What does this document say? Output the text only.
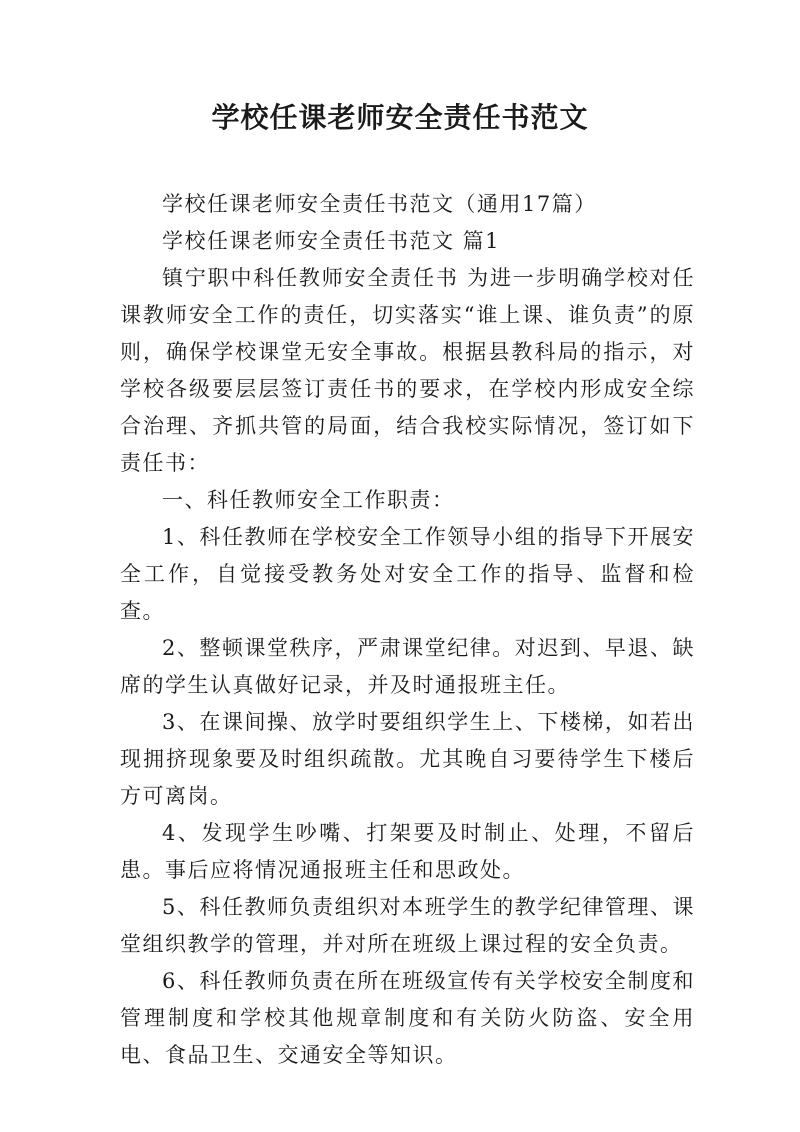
学校任课老师安全责任书范文

学校任课老师安全责任书范文（通用17篇）

学校任课老师安全责任书范文 篇1

镇宁职中科任教师安全责任书 为进一步明确学校对任课教师安全工作的责任，切实落实“谁上课、谁负责”的原则，确保学校课堂无安全事故。根据县教科局的指示，对学校各级要层层签订责任书的要求，在学校内形成安全综合治理、齐抓共管的局面，结合我校实际情况，签订如下责任书：

一、科任教师安全工作职责：

1、科任教师在学校安全工作领导小组的指导下开展安全工作，自觉接受教务处对安全工作的指导、监督和检查。

2、整顿课堂秩序，严肃课堂纪律。对迟到、早退、缺席的学生认真做好记录，并及时通报班主任。

3、在课间操、放学时要组织学生上、下楼梯，如若出现拥挤现象要及时组织疏散。尤其晚自习要待学生下楼后方可离岗。

4、发现学生吵嘴、打架要及时制止、处理，不留后患。事后应将情况通报班主任和思政处。

5、科任教师负责组织对本班学生的教学纪律管理、课堂组织教学的管理，并对所在班级上课过程的安全负责。

6、科任教师负责在所在班级宣传有关学校安全制度和管理制度和学校其他规章制度和有关防火防盗、安全用电、食品卫生、交通安全等知识。
